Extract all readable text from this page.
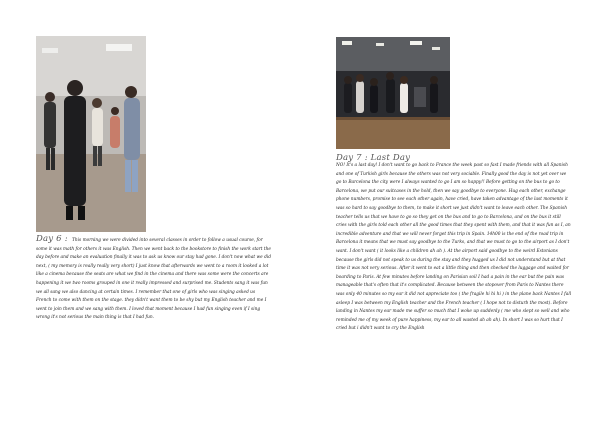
Day 6 : This morning we were divided into several classes in order to follow a usual course, for some it was math for others it was English. Then we went back to the bookstore to finish the work start the day before and make an evaluation finally it was to ask us know our stay had gone. I don't now what we did next, ( my memory is really really very short) I just know that afterwards we went to a room it looked a lot like a cinema because the seats are what we find in the cinema and there was some were the concerts are happening it we two rooms grouped in one it really impressed and surprised me. Students sang it was fun we all sang we also dancing at certain times. I remember that one of girls who was singing asked us French to come with them on the stage. they didn't want them to be shy but my English teacher and me I went to join them and we sang with them. I loved that moment because I had fun singing even if I sing wrong it's not serious the main thing is that I had fun.
Day 7 : Last Day
NO! It's a last day! I don't want to go back to France the week past so fast I made friends with all Spanish and one of Turkish girls because the others was not very sociable. Finally good the day is not yet over we go to Barcelona the city were I always wanted to go I am so happy!! Before getting on the bus to go to Barcelona, we put our suitcases in the hold, then we say goodbye to everyone. Hug each other, exchange phone numbers, promise to see each other again, have cried, have taken advantage of the last moments it was so hard to say goodbye to them, to make it short we just didn't want to leave each other. The Spanish teacher tells us that we have to go so they get on the bus and to go to Barcelona, and on the bus it still cries with the girls told each other all the good times that they spent with them, and that it was fun as I, an incredible adventure and that we will never forget this trip in Spain. 14h00 is the end of the road trip in Barcelona it means that we must say goodbye to the Turks, and that we must to go to the airport as I don't want. I don't want ( it looks like a children ah ah ). At the airport said goodbye to the weird Estonians because the girls did not speak to us during the stay and they hugged us I did not understand but at that time it was not very serious. After it went to eat a little thing and then checked the luggage and waited for boarding to Paris. At few minutes before landing on Parisian soil I had a pain in the ear but the pain was manageable that's often that it's complicated. Because between the stopover from Paris to Nantes there was only 40 minutes so my ear it did not appreciate too ( the fragile hi hi hi ) in the plane back Nantes I fall asleep I was between my English teacher and the French teacher ( I hope not to disturb the most). Before landing in Nantes my ear made me suffer so much that I woke up suddenly ( me who slept so well and who reminded me of my week of pure happiness, my ear to all wasted ah ah ah). In short I was so hurt that I cried but i didn't want to cry the English
